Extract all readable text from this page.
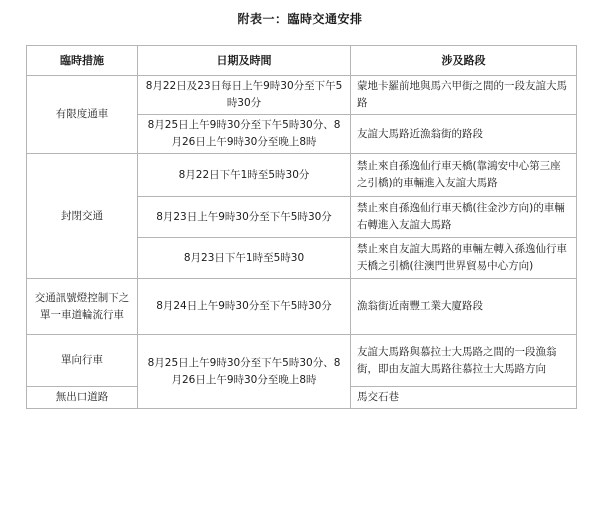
附表一：臨時交通安排
臨時措施	日期及時間	涉及路段
有限度通車	8月22日及23日每日上午9時30分至下午5時30分	蒙地卡羅前地與馬六甲街之間的一段友誼大馬路
	8月25日上午9時30分至下午5時30分、8月26日上午9時30分至晚上8時	友誼大馬路近漁翁街的路段
封閉交通	8月22日下午1時至5時30分	禁止來自孫逸仙行車天橋(靠鴻安中心第三座之引橋)的車輛進入友誼大馬路
	8月23日上午9時30分至下午5時30分	禁止來自孫逸仙行車天橋(往金沙方向)的車輛右轉進入友誼大馬路
	8月23日下午1時至5時30	禁止來自友誼大馬路的車輛左轉入孫逸仙行車天橋之引橋(往澳門世界貿易中心方向)
交通訊號燈控制下之單一車道輪流行車	8月24日上午9時30分至下午5時30分	漁翁街近南豐工業大廈路段
單向行車	8月25日上午9時30分至下午5時30分、8月26日上午9時30分至晚上8時	友誼大馬路與慕拉士大馬路之間的一段漁翁街，即由友誼大馬路往慕拉士大馬路方向
無出口道路		馬交石巷
